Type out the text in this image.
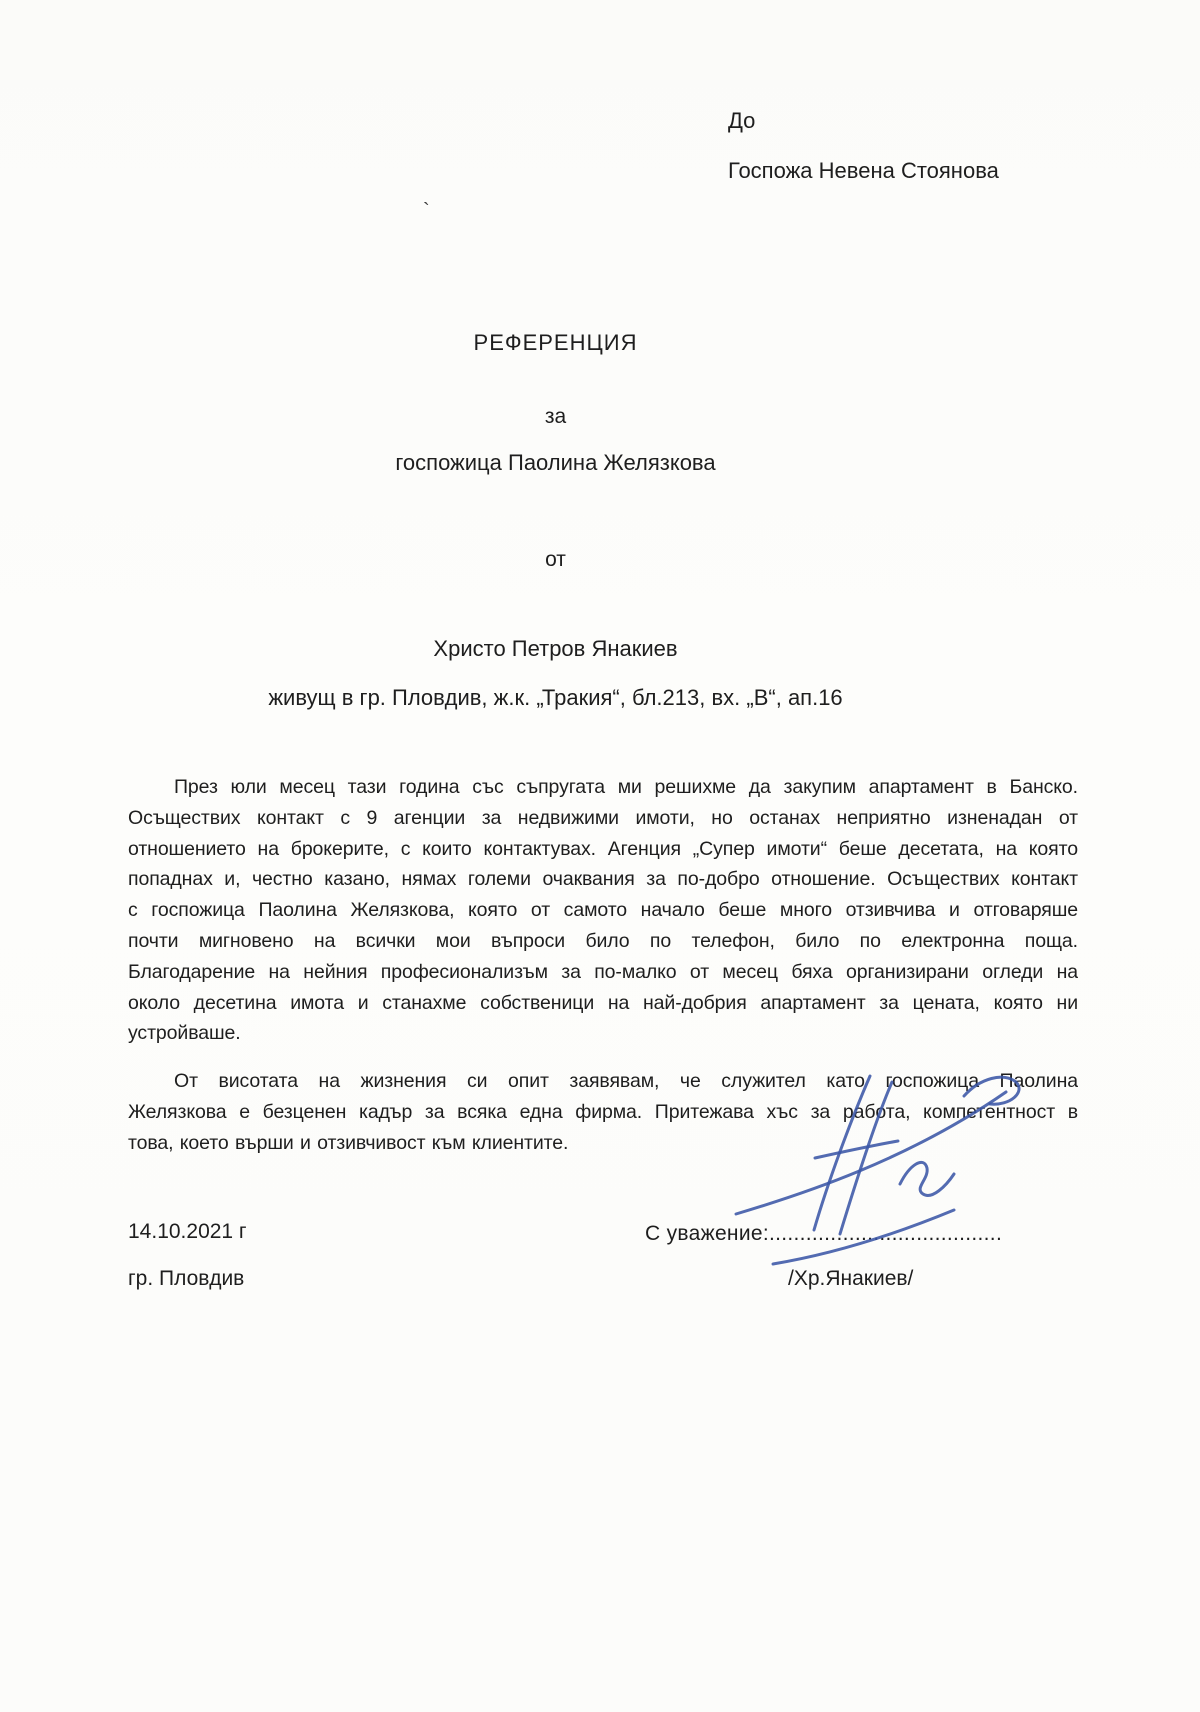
До
Госпожа Невена Стоянова
`
РЕФЕРЕНЦИЯ
за
госпожица Паолина Желязкова
от
Христо Петров Янакиев
живущ в гр. Пловдив, ж.к. „Тракия“, бл.213, вх. „В“, ап.16
През юли месец тази година със съпругата ми решихме да закупим апартамент в Банско.
Осъществих контакт с 9 агенции за недвижими имоти, но останах неприятно изненадан от
отношението на брокерите, с които контактувах. Агенция „Супер имоти“ беше десетата, на която
попаднах и, честно казано, нямах големи очаквания за по-добро отношение. Осъществих контакт
с госпожица Паолина Желязкова, която от самото начало беше много отзивчива и отговаряше
почти мигновено на всички мои въпроси било по телефон, било по електронна поща.
Благодарение на нейния професионализъм за по-малко от месец бяха организирани огледи на
около десетина имота и станахме собственици на най-добрия апартамент за цената, която ни
устройваше.
От висотата на жизнения си опит заявявам, че служител като госпожица Паолина
Желязкова е безценен кадър за всяка една фирма. Притежава хъс за работа, компетентност в
това, което върши и отзивчивост към клиентите.
14.10.2021 г	С уважение:......................................
гр. Пловдив	/Хр.Янакиев/
